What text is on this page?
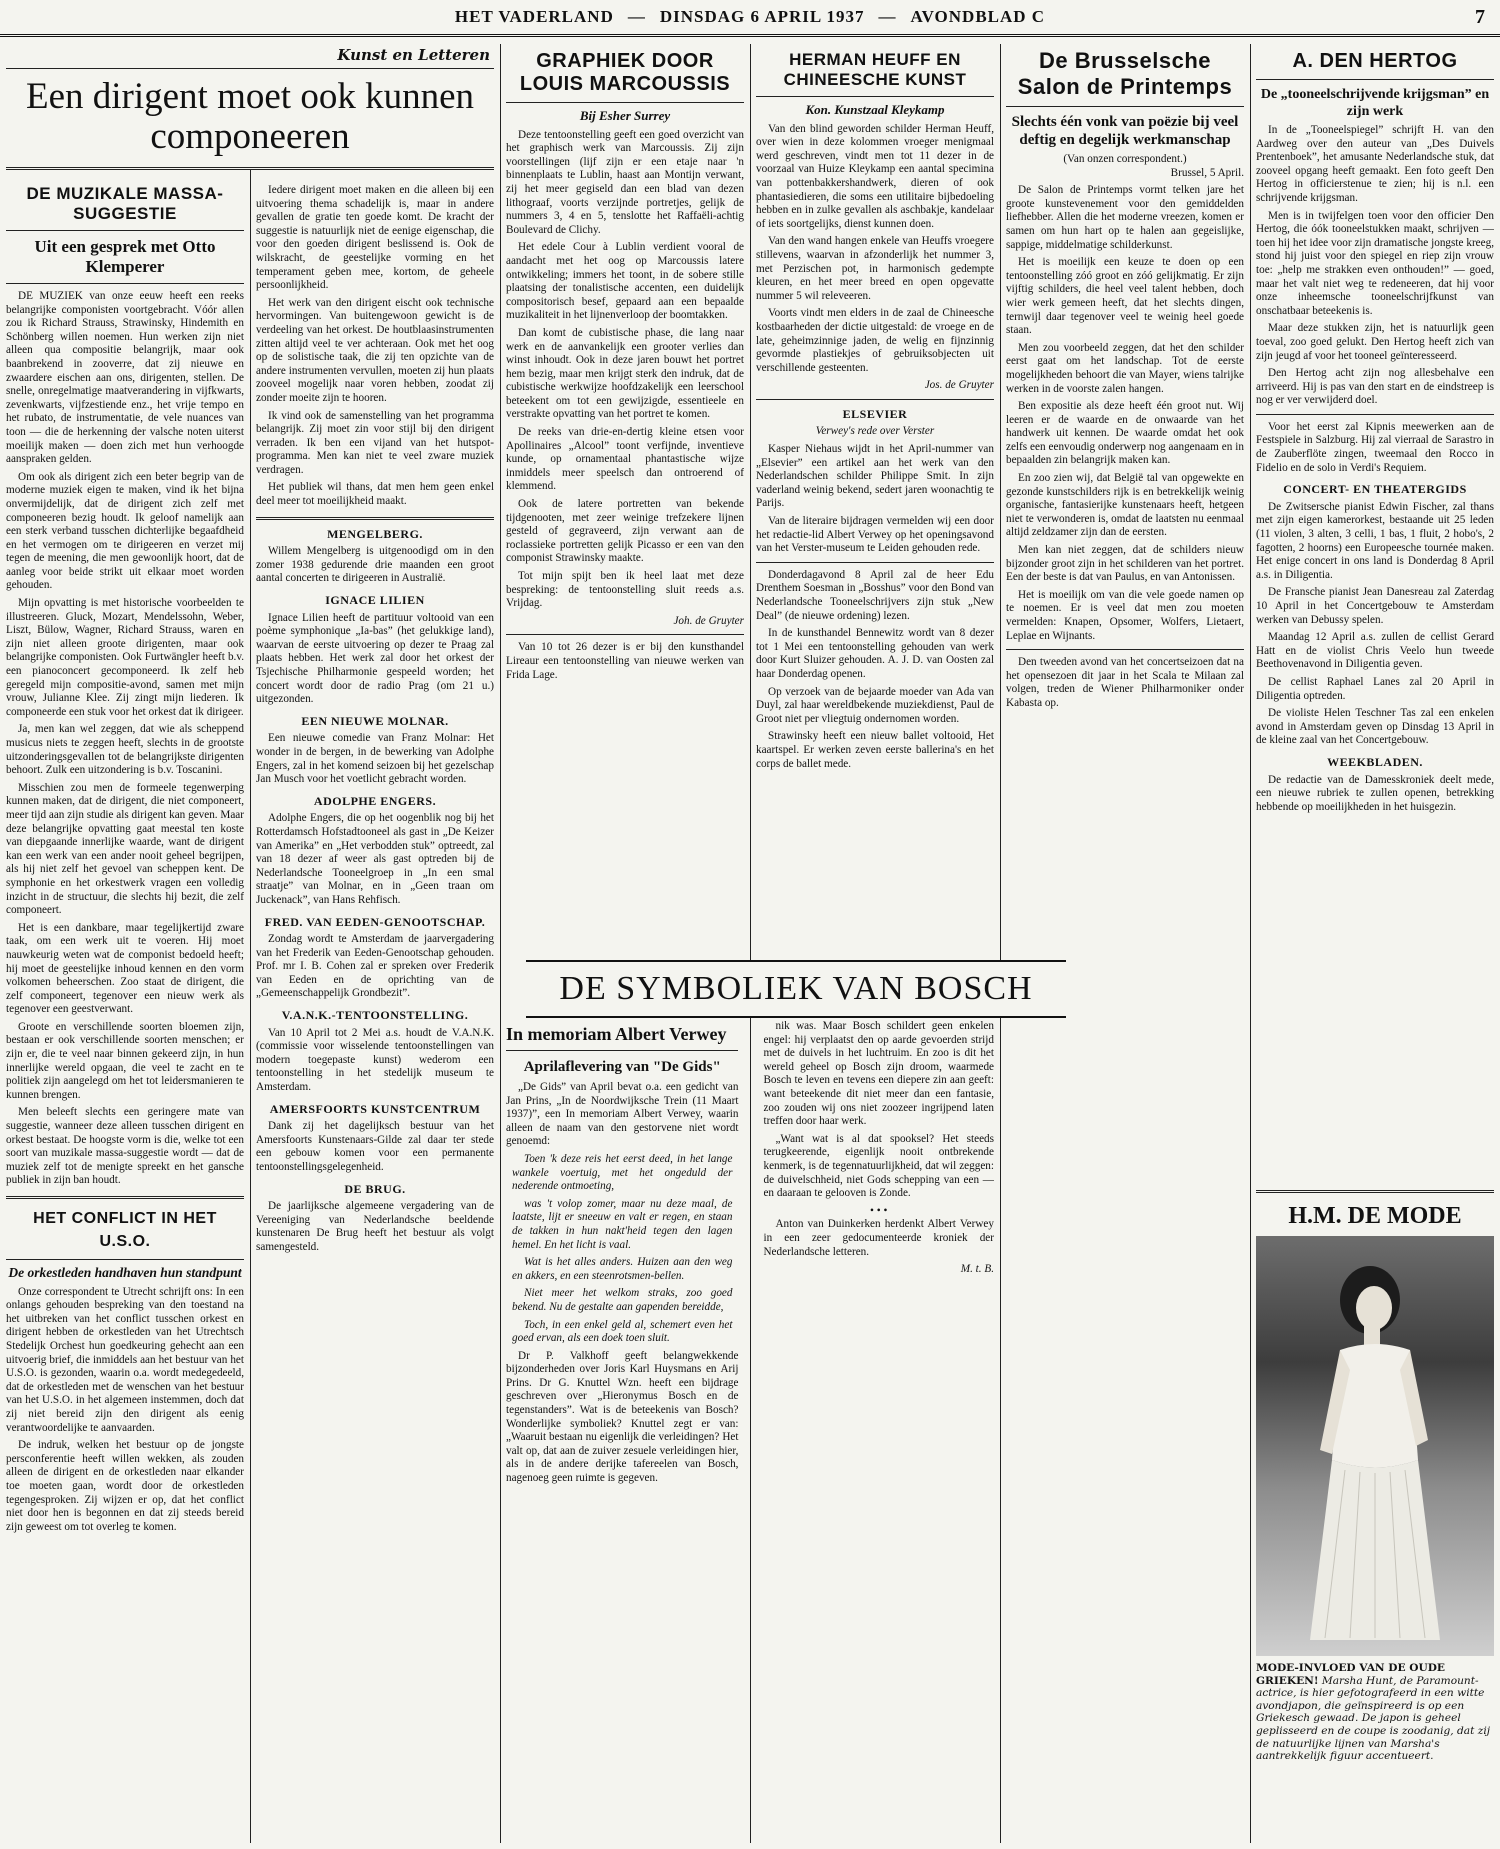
HET VADERLAND — DINSDAG 6 APRIL 1937 — AVONDBLAD C	7
DE MUZIKALE MASSA-SUGGESTIE
Uit een gesprek met Otto Klemperer

DE MUZIEK van onze eeuw heeft een reeks belangrijke componisten voortgebracht. Vóór allen zou ik Richard Strauss, Strawinsky, Hindemith en Schönberg willen noemen. Hun werken zijn niet alleen qua compositie belangrijk, maar ook baanbrekend in zooverre, dat zij nieuwe en zwaardere eischen aan ons, dirigenten, stellen. De snelle, onregelmatige maatverandering in vijfkwarts, zevenkwarts, vijfzestiende enz., het vrije tempo en het rubato, de instrumentatie, de vele nuances van toon — die de herkenning der valsche noten uiterst moeilijk maken — doen zich met hun verhoogde aanspraken gelden.

Om ook als dirigent zich een beter begrip van de moderne muziek eigen te maken, vind ik het bijna onvermijdelijk, dat de dirigent zich zelf met componeeren bezig houdt. Ik geloof namelijk aan een sterk verband tusschen dichterlijke begaafdheid en het vermogen om te dirigeeren en verzet mij tegen de meening, die men gewoonlijk hoort, dat de aanleg voor beide strikt uit elkaar moet worden gehouden.

Mijn opvatting is met historische voorbeelden te illustreeren. Gluck, Mozart, Mendelssohn, Weber, Liszt, Bülow, Wagner, Richard Strauss, waren en zijn niet alleen groote dirigenten, maar ook belangrijke componisten. Ook Furtwängler heeft b.v. een pianoconcert gecomponeerd. Ik zelf heb geregeld mijn compositie-avond, samen met mijn vrouw, Julianne Klee. Zij zingt mijn liederen. Ik componeerde een stuk voor het orkest dat ik dirigeer.

Ja, men kan wel zeggen, dat wie als scheppend musicus niets te zeggen heeft, slechts in de grootste uitzonderingsgevallen tot de belangrijkste dirigenten behoort. Zulk een uitzondering is b.v. Toscanini.

Misschien zou men de formeele tegenwerping kunnen maken, dat de dirigent, die niet componeert, meer tijd aan zijn studie als dirigent kan geven. Maar deze belangrijke opvatting gaat meestal ten koste van diepgaande innerlijke waarde, want de dirigent kan een werk van een ander nooit geheel begrijpen, als hij niet zelf het gevoel van scheppen kent. De symphonie en het orkestwerk vragen een volledig inzicht in de structuur, die slechts hij bezit, die zelf componeert.

Het is een dankbare, maar tegelijkertijd zware taak, om een werk uit te voeren. Hij moet nauwkeurig weten wat de componist bedoeld heeft; hij moet de geestelijke inhoud kennen en den vorm volkomen beheerschen. Zoo staat de dirigent, die zelf componeert, tegenover een nieuw werk als tegenover een geestverwant.

Groote en verschillende soorten bloemen zijn, bestaan er ook verschillende soorten menschen; er zijn er, die te veel naar binnen gekeerd zijn, in hun innerlijke wereld opgaan, die veel te zacht en te politiek zijn aangelegd om het tot leidersmanieren te kunnen brengen.

Men beleeft slechts een geringere mate van suggestie, wanneer deze alleen tusschen dirigent en orkest bestaat. De hoogste vorm is die, welke tot een soort van muzikale massa-suggestie wordt — dat de muziek zelf tot de menigte spreekt en het gansche publiek in zijn ban houdt.

HET CONFLICT IN HET U.S.O.
De orkestleden handhaven hun standpunt

Onze correspondent te Utrecht schrijft ons: In een onlangs gehouden bespreking van den toestand na het uitbreken van het conflict tusschen orkest en dirigent hebben de orkestleden van het Utrechtsch Stedelijk Orchest hun goedkeuring gehecht aan een uitvoerig brief, die inmiddels aan het bestuur van het U.S.O. is gezonden, waarin o.a. wordt medegedeeld, dat de orkestleden met de wenschen van het bestuur van het U.S.O. in het algemeen instemmen, doch dat zij niet bereid zijn den dirigent als eenig verantwoordelijke te aanvaarden.

De indruk, welken het bestuur op de jongste persconferentie heeft willen wekken, als zouden alleen de dirigent en de orkestleden naar elkander toe moeten gaan, wordt door de orkestleden tegengesproken. Zij wijzen er op, dat het conflict niet door hen is begonnen en dat zij steeds bereid zijn geweest om tot overleg te komen.

Kunst en Letteren
Een dirigent moet ook kunnen componeeren

Iedere dirigent moet maken en die alleen bij een uitvoering thema schadelijk is, maar in andere gevallen de gratie ten goede komt. De kracht der suggestie is natuurlijk niet de eenige eigenschap, die voor den goeden dirigent beslissend is. Ook de wilskracht, de geestelijke vorming en het temperament geben mee, kortom, de geheele persoonlijkheid.

Het werk van den dirigent eischt ook technische hervormingen. Van buitengewoon gewicht is de verdeeling van het orkest. De houtblaasinstrumenten zitten altijd veel te ver achteraan. Ook met het oog op de solistische taak, die zij ten opzichte van de andere instrumenten vervullen, moeten zij hun plaats zooveel mogelijk naar voren hebben, zoodat zij zonder moeite zijn te hooren.

Ik vind ook de samenstelling van het programma belangrijk. Zij moet zin voor stijl bij den dirigent verraden. Ik ben een vijand van het hutspot-programma. Men kan niet te veel zware muziek verdragen.

Het publiek wil thans, dat men hem geen enkel deel meer tot moeilijkheid maakt.

MENGELBERG.

Willem Mengelberg is uitgenoodigd om in den zomer 1938 gedurende drie maanden een groot aantal concerten te dirigeeren in Australië.

IGNACE LILIEN

Ignace Lilien heeft de partituur voltooid van een poème symphonique „Ia-bas” (het gelukkige land), waarvan de eerste uitvoering op dezer te Praag zal plaats hebben. Het werk zal door het orkest der Tsjechische Philharmonie gespeeld worden; het concert wordt door de radio Prag (om 21 u.) uitgezonden.

EEN NIEUWE MOLNAR.

Een nieuwe comedie van Franz Molnar: Het wonder in de bergen, in de bewerking van Adolphe Engers, zal in het komend seizoen bij het gezelschap Jan Musch voor het voetlicht gebracht worden.

ADOLPHE ENGERS.

Adolphe Engers, die op het oogenblik nog bij het Rotterdamsch Hofstadtooneel als gast in „De Keizer van Amerika” en „Het verbodden stuk” optreedt, zal van 18 dezer af weer als gast optreden bij de Nederlandsche Tooneelgroep in „In een smal straatje” van Molnar, en in „Geen traan om Juckenack”, van Hans Rehfisch.

FRED. VAN EEDEN-GENOOTSCHAP.

Zondag wordt te Amsterdam de jaarvergadering van het Frederik van Eeden-Genootschap gehouden. Prof. mr I. B. Cohen zal er spreken over Frederik van Eeden en de oprichting van de „Gemeenschappelijk Grondbezit”.

V.A.N.K.-TENTOONSTELLING.

Van 10 April tot 2 Mei a.s. houdt de V.A.N.K. (commissie voor wisselende tentoonstellingen van modern toegepaste kunst) wederom een tentoonstelling in het stedelijk museum te Amsterdam.

AMERSFOORTS KUNSTCENTRUM

Dank zij het dagelijksch bestuur van het Amersfoorts Kunstenaars-Gilde zal daar ter stede een gebouw komen voor een permanente tentoonstellingsgelegenheid.

DE BRUG.

De jaarlijksche algemeene vergadering van de Vereeniging van Nederlandsche beeldende kunstenaren De Brug heeft het bestuur als volgt samengesteld.

GRAPHIEK DOOR LOUIS MARCOUSSIS
Bij Esher Surrey

Deze tentoonstelling geeft een goed overzicht van het graphisch werk van Marcoussis. Zij zijn voorstellingen (lijf zijn er een etaje naar 'n binnenplaats te Lublin, haast aan Montijn verwant, zij het meer gegiseld dan een blad van dezen lithograaf, voorts verzijnde portretjes, gelijk de nummers 3, 4 en 5, tenslotte het Raffaëli-achtig Boulevard de Clichy.

Het edele Cour à Lublin verdient vooral de aandacht met het oog op Marcoussis latere ontwikkeling; immers het toont, in de sobere stille plaatsing der tonalistische accenten, een duidelijk compositorisch besef, gepaard aan een bepaalde muzikaliteit in het lijnenverloop der boomtakken.

Dan komt de cubistische phase, die lang naar werk en de aanvankelijk een grooter verlies dan winst inhoudt. Ook in deze jaren bouwt het portret hem bezig, maar men krijgt sterk den indruk, dat de cubistische werkwijze hoofdzakelijk een leerschool beteekent om tot een gewijzigde, essentieele en verstrakte opvatting van het portret te komen.

De reeks van drie-en-dertig kleine etsen voor Apollinaires „Alcool” toont verfijnde, inventieve kunde, op ornamentaal phantastische wijze inmiddels meer speelsch dan ontroerend of klemmend.

Ook de latere portretten van bekende tijdgenooten, met zeer weinige trefzekere lijnen gesteld of gegraveerd, zijn verwant aan de roclassieke portretten gelijk Picasso er een van den componist Strawinsky maakte.

Tot mijn spijt ben ik heel laat met deze bespreking: de tentoonstelling sluit reeds a.s. Vrijdag.

Joh. de Gruyter

Van 10 tot 26 dezer is er bij den kunsthandel Lireaur een tentoonstelling van nieuwe werken van Frida Lage.

HERMAN HEUFF EN CHINEESCHE KUNST
Kon. Kunstzaal Kleykamp

Van den blind geworden schilder Herman Heuff, over wien in deze kolommen vroeger menigmaal werd geschreven, vindt men tot 11 dezer in de voorzaal van Huize Kleykamp een aantal specimina van pottenbakkershandwerk, dieren of ook phantasiedieren, die soms een utilitaire bijbedoeling hebben en in zulke gevallen als aschbakje, kandelaar of iets soortgelijks, dienst kunnen doen.

Van den wand hangen enkele van Heuffs vroegere stillevens, waarvan in afzonderlijk het nummer 3, met Perzischen pot, in harmonisch gedempte kleuren, en het meer breed en open opgevatte nummer 5 wil releveeren.

Voorts vindt men elders in de zaal de Chineesche kostbaarheden der dictie uitgestald: de vroege en de late, geheimzinnige jaden, de welig en fijnzinnig gevormde plastiekjes of gebruiksobjecten uit verschillende gesteenten.

Jos. de Gruyter
ELSEVIER
Verwey's rede over Verster

Kasper Niehaus wijdt in het April-nummer van „Elsevier” een artikel aan het werk van den Nederlandschen schilder Philippe Smit. In zijn vaderland weinig bekend, sedert jaren woonachtig te Parijs.

Van de literaire bijdragen vermelden wij een door het redactie-lid Albert Verwey op het openingsavond van het Verster-museum te Leiden gehouden rede.

Donderdagavond 8 April zal de heer Edu Drenthem Soesman in „Bosshus” voor den Bond van Nederlandsche Tooneelschrijvers zijn stuk „New Deal” (de nieuwe ordening) lezen.

In de kunsthandel Bennewitz wordt van 8 dezer tot 1 Mei een tentoonstelling gehouden van werk door Kurt Sluizer gehouden. A. J. D. van Oosten zal haar Donderdag openen.

Op verzoek van de bejaarde moeder van Ada van Duyl, zal haar wereldbekende muziekdienst, Paul de Groot niet per vliegtuig ondernomen worden.

Strawinsky heeft een nieuw ballet voltooid, Het kaartspel. Er werken zeven eerste ballerina's en het corps de ballet mede.

DE SYMBOLIEK VAN BOSCH
In memoriam Albert Verwey
Aprilaflevering van "De Gids"

„De Gids” van April bevat o.a. een gedicht van Jan Prins, „In de Noordwijksche Trein (11 Maart 1937)”, een In memoriam Albert Verwey, waarin alleen de naam van den gestorvene niet wordt genoemd:

Toen 'k deze reis het eerst deed, in het lange wankele voertuig, met het ongeduld der nederende ontmoeting,

was 't volop zomer, maar nu deze maal, de laatste, lijt er sneeuw en valt er regen, en staan de takken in hun nakt'heid tegen den lagen hemel. En het licht is vaal.

Wat is het alles anders. Huizen aan den weg en akkers, en een steenrotsmen-bellen.

Niet meer het welkom straks, zoo goed bekend. Nu de gestalte aan gapenden bereidde,

Toch, in een enkel geld al, schemert even het goed ervan, als een doek toen sluit.

Dr P. Valkhoff geeft belangwekkende bijzonderheden over Joris Karl Huysmans en Arij Prins. Dr G. Knuttel Wzn. heeft een bijdrage geschreven over „Hieronymus Bosch en de tegenstanders”. Wat is de beteekenis van Bosch? Wonderlijke symboliek? Knuttel zegt er van: „Waaruit bestaan nu eigenlijk die verleidingen? Het valt op, dat aan de zuiver zesuele verleidingen hier, als in de andere derijke tafereelen van Bosch, nagenoeg geen ruimte is gegeven.

nik was. Maar Bosch schildert geen enkelen engel: hij verplaatst den op aarde gevoerden strijd met de duivels in het luchtruim. En zoo is dit het wereld geheel op Bosch zijn droom, waarmede Bosch te leven en tevens een diepere zin aan geeft: want beteekende dit niet meer dan een fantasie, zoo zouden wij ons niet zoozeer ingrijpend laten treffen door haar werk.

„Want wat is al dat spooksel? Het steeds terugkeerende, eigenlijk nooit ontbrekende kenmerk, is de tegennatuurlijkheid, dat wil zeggen: de duivelschheid, niet Gods schepping van een — en daaraan te gelooven is Zonde.

• • •

Anton van Duinkerken herdenkt Albert Verwey in een zeer gedocumenteerde kroniek der Nederlandsche letteren.

M. t. B.
De Brusselsche Salon de Printemps
Slechts één vonk van poëzie bij veel deftig en degelijk werkmanschap
(Van onzen correspondent.)
Brussel, 5 April.

De Salon de Printemps vormt telken jare het groote kunstevenement voor den gemiddelden liefhebber. Allen die het moderne vreezen, komen er samen om hun hart op te halen aan gegeislijke, sappige, middelmatige schilderkunst.

Het is moeilijk een keuze te doen op een tentoonstelling zóó groot en zóó gelijkmatig. Er zijn vijftig schilders, die heel veel talent hebben, doch wier werk gemeen heeft, dat het slechts dingen, ternwijl daar tegenover veel te weinig heel goede staan.

Men zou voorbeeld zeggen, dat het den schilder eerst gaat om het landschap. Tot de eerste mogelijkheden behoort die van Mayer, wiens talrijke werken in de voorste zalen hangen.

Ben expositie als deze heeft één groot nut. Wij leeren er de waarde en de onwaarde van het handwerk uit kennen. De waarde omdat het ook zelfs een eenvoudig onderwerp nog aangenaam en in bepaalden zin belangrijk maken kan.

En zoo zien wij, dat België tal van opgewekte en gezonde kunstschilders rijk is en betrekkelijk weinig organische, fantasierijke kunstenaars heeft, hetgeen niet te verwonderen is, omdat de laatsten nu eenmaal altijd zeldzamer zijn dan de eersten.

Men kan niet zeggen, dat de schilders nieuw bijzonder groot zijn in het schilderen van het portret. Een der beste is dat van Paulus, en van Antonissen.

Het is moeilijk om van die vele goede namen op te noemen. Er is veel dat men zou moeten vermelden: Knapen, Opsomer, Wolfers, Lietaert, Leplae en Wijnants.

Den tweeden avond van het concertseizoen dat na het opensezoen dit jaar in het Scala te Milaan zal volgen, treden de Wiener Philharmoniker onder Kabasta op.

A. DEN HERTOG
De „tooneelschrijvende krijgsman” en zijn werk

In de „Tooneelspiegel” schrijft H. van den Aardweg over den auteur van „Des Duivels Prentenboek”, het amusante Nederlandsche stuk, dat zooveel opgang heeft gemaakt. Een foto geeft Den Hertog in officierstenue te zien; hij is n.l. een schrijvende krijgsman.

Men is in twijfelgen toen voor den officier Den Hertog, die óók tooneelstukken maakt, schrijven — toen hij het idee voor zijn dramatische jongste kreeg, stond hij juist voor den spiegel en riep zijn vrouw toe: „help me strakken even onthouden!” — goed, maar het valt niet weg te redeneeren, dat hij voor onze inheemsche tooneelschrijfkunst van onschatbaar beteekenis is.

Maar deze stukken zijn, het is natuurlijk geen toeval, zoo goed gelukt. Den Hertog heeft zich van zijn jeugd af voor het tooneel geïnteresseerd.

Den Hertog acht zijn nog allesbehalve een arriveerd. Hij is pas van den start en de eindstreep is nog er ver verwijderd doel.

Voor het eerst zal Kipnis meewerken aan de Festspiele in Salzburg. Hij zal vierraal de Sarastro in de Zauberflöte zingen, tweemaal den Rocco in Fidelio en de solo in Verdi's Requiem.

CONCERT- EN THEATERGIDS

De Zwitsersche pianist Edwin Fischer, zal thans met zijn eigen kamerorkest, bestaande uit 25 leden (11 violen, 3 alten, 3 celli, 1 bas, 1 fluit, 2 hobo's, 2 fagotten, 2 hoorns) een Europeesche tournée maken. Het enige concert in ons land is Donderdag 8 April a.s. in Diligentia.

De Fransche pianist Jean Danesreau zal Zaterdag 10 April in het Concertgebouw te Amsterdam werken van Debussy spelen.

Maandag 12 April a.s. zullen de cellist Gerard Hatt en de violist Chris Veelo hun tweede Beethovenavond in Diligentia geven.

De cellist Raphael Lanes zal 20 April in Diligentia optreden.

De violiste Helen Teschner Tas zal een enkelen avond in Amsterdam geven op Dinsdag 13 April in de kleine zaal van het Concertgebouw.

WEEKBLADEN.

De redactie van de Damesskroniek deelt mede, een nieuwe rubriek te zullen openen, betrekking hebbende op moeilijkheden in het huisgezin.

H.M. DE MODE
MODE-INVLOED VAN DE OUDE GRIEKEN! Marsha Hunt, de Paramount-actrice, is hier gefotografeerd in een witte avondjapon, die geïnspireerd is op een Griekesch gewaad. De japon is geheel geplisseerd en de coupe is zoodanig, dat zij de natuurlijke lijnen van Marsha's aantrekkelijk figuur accentueert.
